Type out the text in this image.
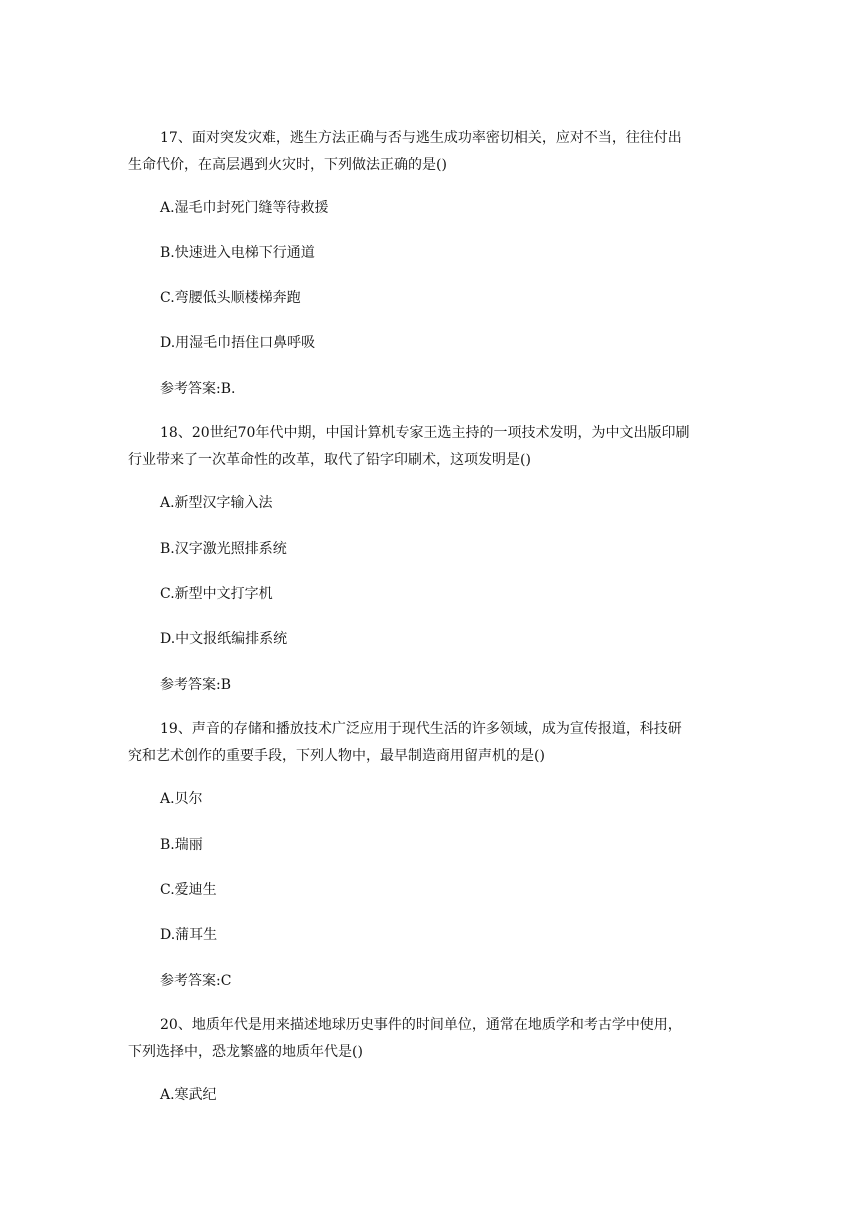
17、面对突发灾难，逃生方法正确与否与逃生成功率密切相关，应对不当，往往付出
生命代价，在高层遇到火灾时，下列做法正确的是()
A.湿毛巾封死门缝等待救援
B.快速进入电梯下行通道
C.弯腰低头顺楼梯奔跑
D.用湿毛巾捂住口鼻呼吸
参考答案:B.
18、20世纪70年代中期，中国计算机专家王选主持的一项技术发明，为中文出版印刷
行业带来了一次革命性的改革，取代了铅字印刷术，这项发明是()
A.新型汉字输入法
B.汉字激光照排系统
C.新型中文打字机
D.中文报纸编排系统
参考答案:B
19、声音的存储和播放技术广泛应用于现代生活的许多领域，成为宣传报道，科技研
究和艺术创作的重要手段，下列人物中，最早制造商用留声机的是()
A.贝尔
B.瑞丽
C.爱迪生
D.蒲耳生
参考答案:C
20、地质年代是用来描述地球历史事件的时间单位，通常在地质学和考古学中使用，
下列选择中，恐龙繁盛的地质年代是()
A.寒武纪
